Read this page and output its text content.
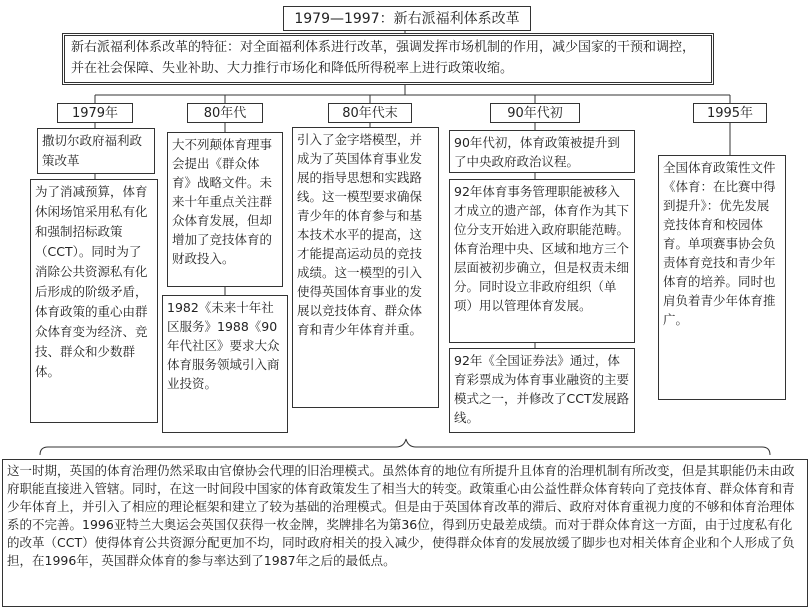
1979—1997：新右派福利体系改革
新右派福利体系改革的特征：对全面福利体系进行改革，强调发挥市场机制的作用，减少国家的干预和调控，并在社会保障、失业补助、大力推行市场化和降低所得税率上进行政策收缩。
1979年	80年代	80年代末	90年代初	1995年
撒切尔政府福利政策改革
为了消减预算，体育休闲场馆采用私有化和强制招标政策（CCT）。同时为了消除公共资源私有化后形成的阶级矛盾，体育政策的重心由群众体育变为经济、竞技、群众和少数群体。
大不列颠体育理事会提出《群众体育》战略文件。未来十年重点关注群众体育发展，但却增加了竞技体育的财政投入。
1982《未来十年社区服务》1988《90年代社区》要求大众体育服务领域引入商业投资。
引入了金字塔模型，并成为了英国体育事业发展的指导思想和实践路线。这一模型要求确保青少年的体育参与和基本技术水平的提高，这才能提高运动员的竞技成绩。这一模型的引入使得英国体育事业的发展以竞技体育、群众体育和青少年体育并重。
90年代初，体育政策被提升到了中央政府政治议程。
92年体育事务管理职能被移入才成立的遗产部，体育作为其下位分支开始进入政府职能范畴。体育治理中央、区域和地方三个层面被初步确立，但是权责未细分。同时设立非政府组织（单项）用以管理体育发展。
92年《全国证券法》通过，体育彩票成为体育事业融资的主要模式之一，并修改了CCT发展路线。
全国体育政策性文件《体育：在比赛中得到提升》：优先发展竞技体育和校园体育。单项赛事协会负责体育竞技和青少年体育的培养。同时也肩负着青少年体育推广。
这一时期，英国的体育治理仍然采取由官僚协会代理的旧治理模式。虽然体育的地位有所提升且体育的治理机制有所改变，但是其职能仍未由政府职能直接进入管辖。同时，在这一时间段中国家的体育政策发生了相当大的转变。政策重心由公益性群众体育转向了竞技体育、群众体育和青少年体育上，并引入了相应的理论框架和建立了较为基础的治理模式。但是由于英国体育改革的滞后、政府对体育重视力度的不够和体育治理体系的不完善。1996亚特兰大奥运会英国仅获得一枚金牌，奖牌排名为第36位，得到历史最差成绩。而对于群众体育这一方面，由于过度私有化的改革（CCT）使得体育公共资源分配更加不均，同时政府相关的投入减少，使得群众体育的发展放缓了脚步也对相关体育企业和个人形成了负担，在1996年，英国群众体育的参与率达到了1987年之后的最低点。
